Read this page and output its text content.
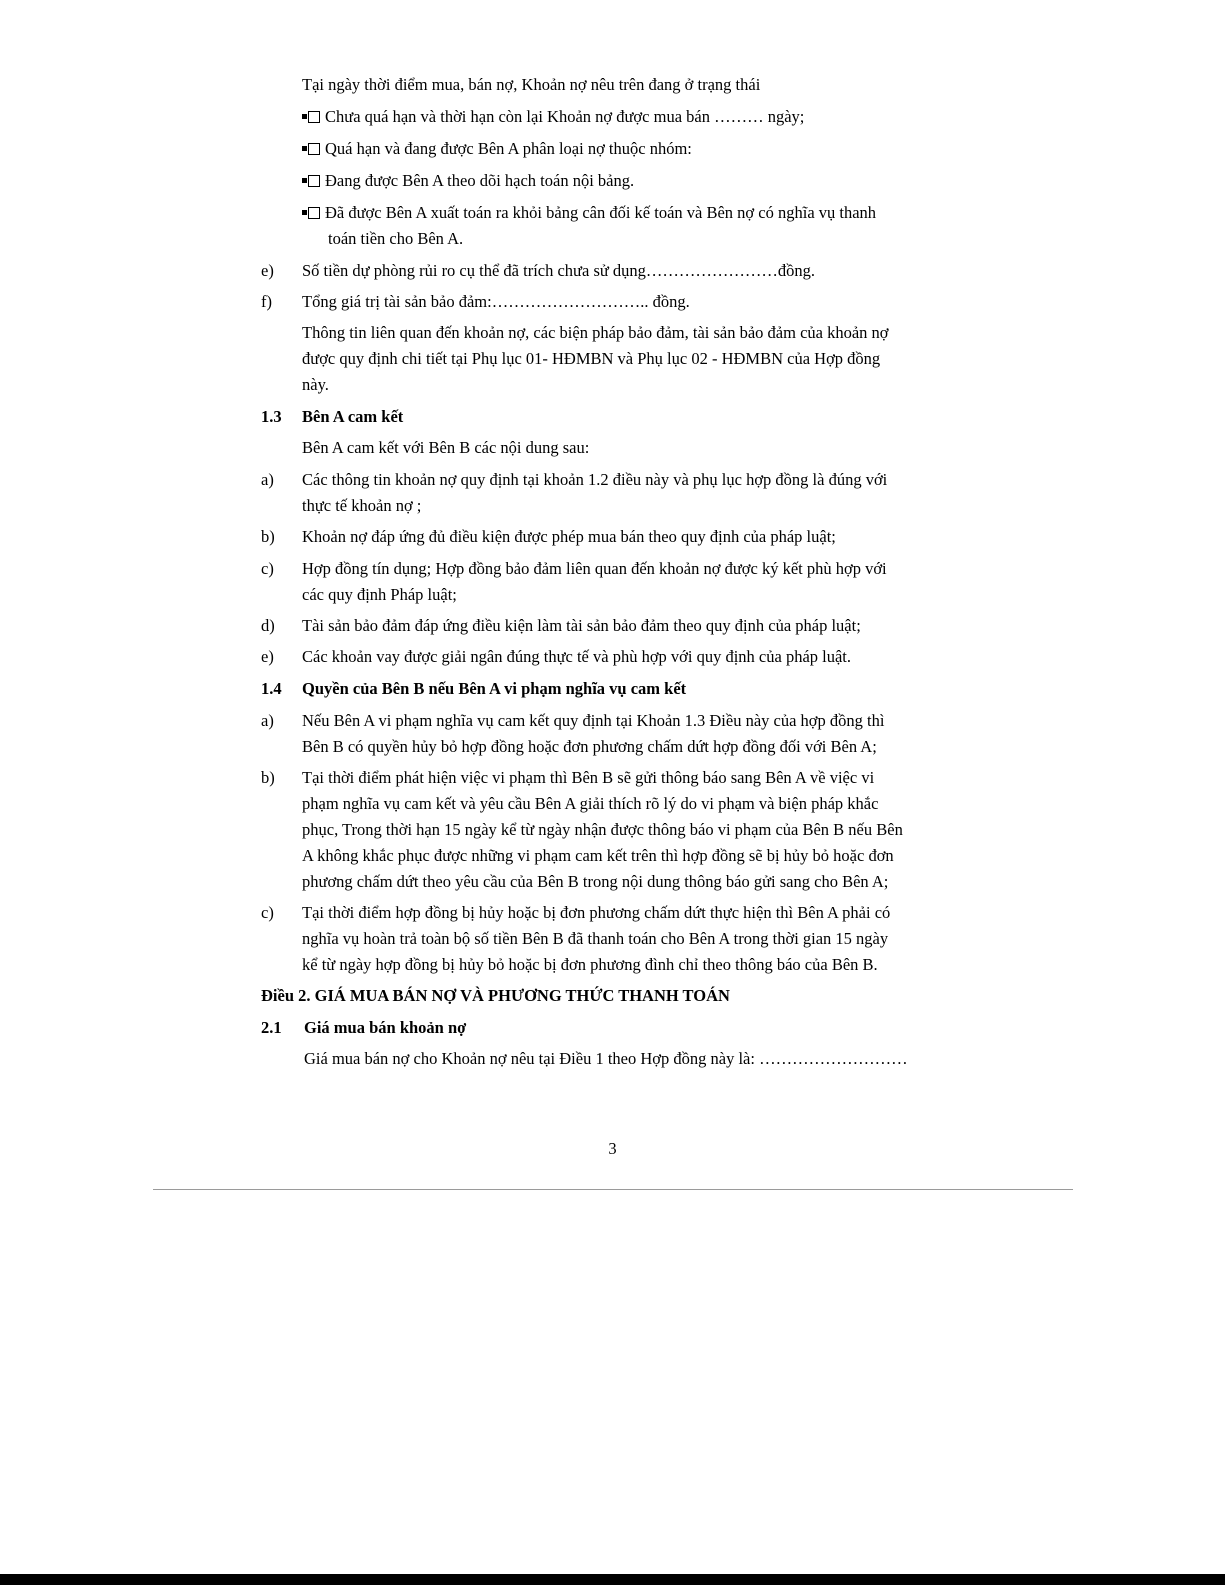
Tại ngày thời điểm mua, bán nợ, Khoản nợ nêu trên đang ở trạng thái
Chưa quá hạn và thời hạn còn lại Khoản nợ được mua bán ……… ngày;
Quá hạn và đang được Bên A phân loại nợ thuộc nhóm:
Đang được Bên A theo dõi hạch toán nội bảng.
Đã được Bên A xuất toán ra khỏi bảng cân đối kế toán và Bên nợ có nghĩa vụ thanh
toán tiền cho Bên A.
e) Số tiền dự phòng rủi ro cụ thể đã trích chưa sử dụng……………………đồng.
f) Tổng giá trị tài sản bảo đảm:……………………….. đồng.
Thông tin liên quan đến khoản nợ, các biện pháp bảo đảm, tài sản bảo đảm của khoản nợ
được quy định chi tiết tại Phụ lục 01- HĐMBN và Phụ lục 02 - HĐMBN của Hợp đồng
này.
1.3 Bên A cam kết
Bên A cam kết với Bên B các nội dung sau:
a) Các thông tin khoản nợ quy định tại khoản 1.2 điều này và phụ lục hợp đồng là đúng với
thực tế khoản nợ ;
b) Khoản nợ đáp ứng đủ điều kiện được phép mua bán theo quy định của pháp luật;
c) Hợp đồng tín dụng; Hợp đồng bảo đảm liên quan đến khoản nợ được ký kết phù hợp với
các quy định Pháp luật;
d) Tài sản bảo đảm đáp ứng điều kiện làm tài sản bảo đảm theo quy định của pháp luật;
e) Các khoản vay được giải ngân đúng thực tế và phù hợp với quy định của pháp luật.
1.4 Quyền của Bên B nếu Bên A vi phạm nghĩa vụ cam kết
a) Nếu Bên A vi phạm nghĩa vụ cam kết quy định tại Khoản 1.3 Điều này của hợp đồng thì
Bên B có quyền hủy bỏ hợp đồng hoặc đơn phương chấm dứt hợp đồng đối với Bên A;
b) Tại thời điểm phát hiện việc vi phạm thì Bên B sẽ gửi thông báo sang Bên A về việc vi
phạm nghĩa vụ cam kết và yêu cầu Bên A giải thích rõ lý do vi phạm và biện pháp khắc
phục, Trong thời hạn 15 ngày kể từ ngày nhận được thông báo vi phạm của Bên B nếu Bên
A không khắc phục được những vi phạm cam kết trên thì hợp đồng sẽ bị hủy bỏ hoặc đơn
phương chấm dứt theo yêu cầu của Bên B trong nội dung thông báo gửi sang cho Bên A;
c) Tại thời điểm hợp đồng bị hủy hoặc bị đơn phương chấm dứt thực hiện thì Bên A phải có
nghĩa vụ hoàn trả toàn bộ số tiền Bên B đã thanh toán cho Bên A trong thời gian 15 ngày
kể từ ngày hợp đồng bị hủy bỏ hoặc bị đơn phương đình chỉ theo thông báo của Bên B.
Điều 2. GIÁ MUA BÁN NỢ VÀ PHƯƠNG THỨC THANH TOÁN
2.1 Giá mua bán khoản nợ
Giá mua bán nợ cho Khoản nợ nêu tại Điều 1 theo Hợp đồng này là: ………………………
3
